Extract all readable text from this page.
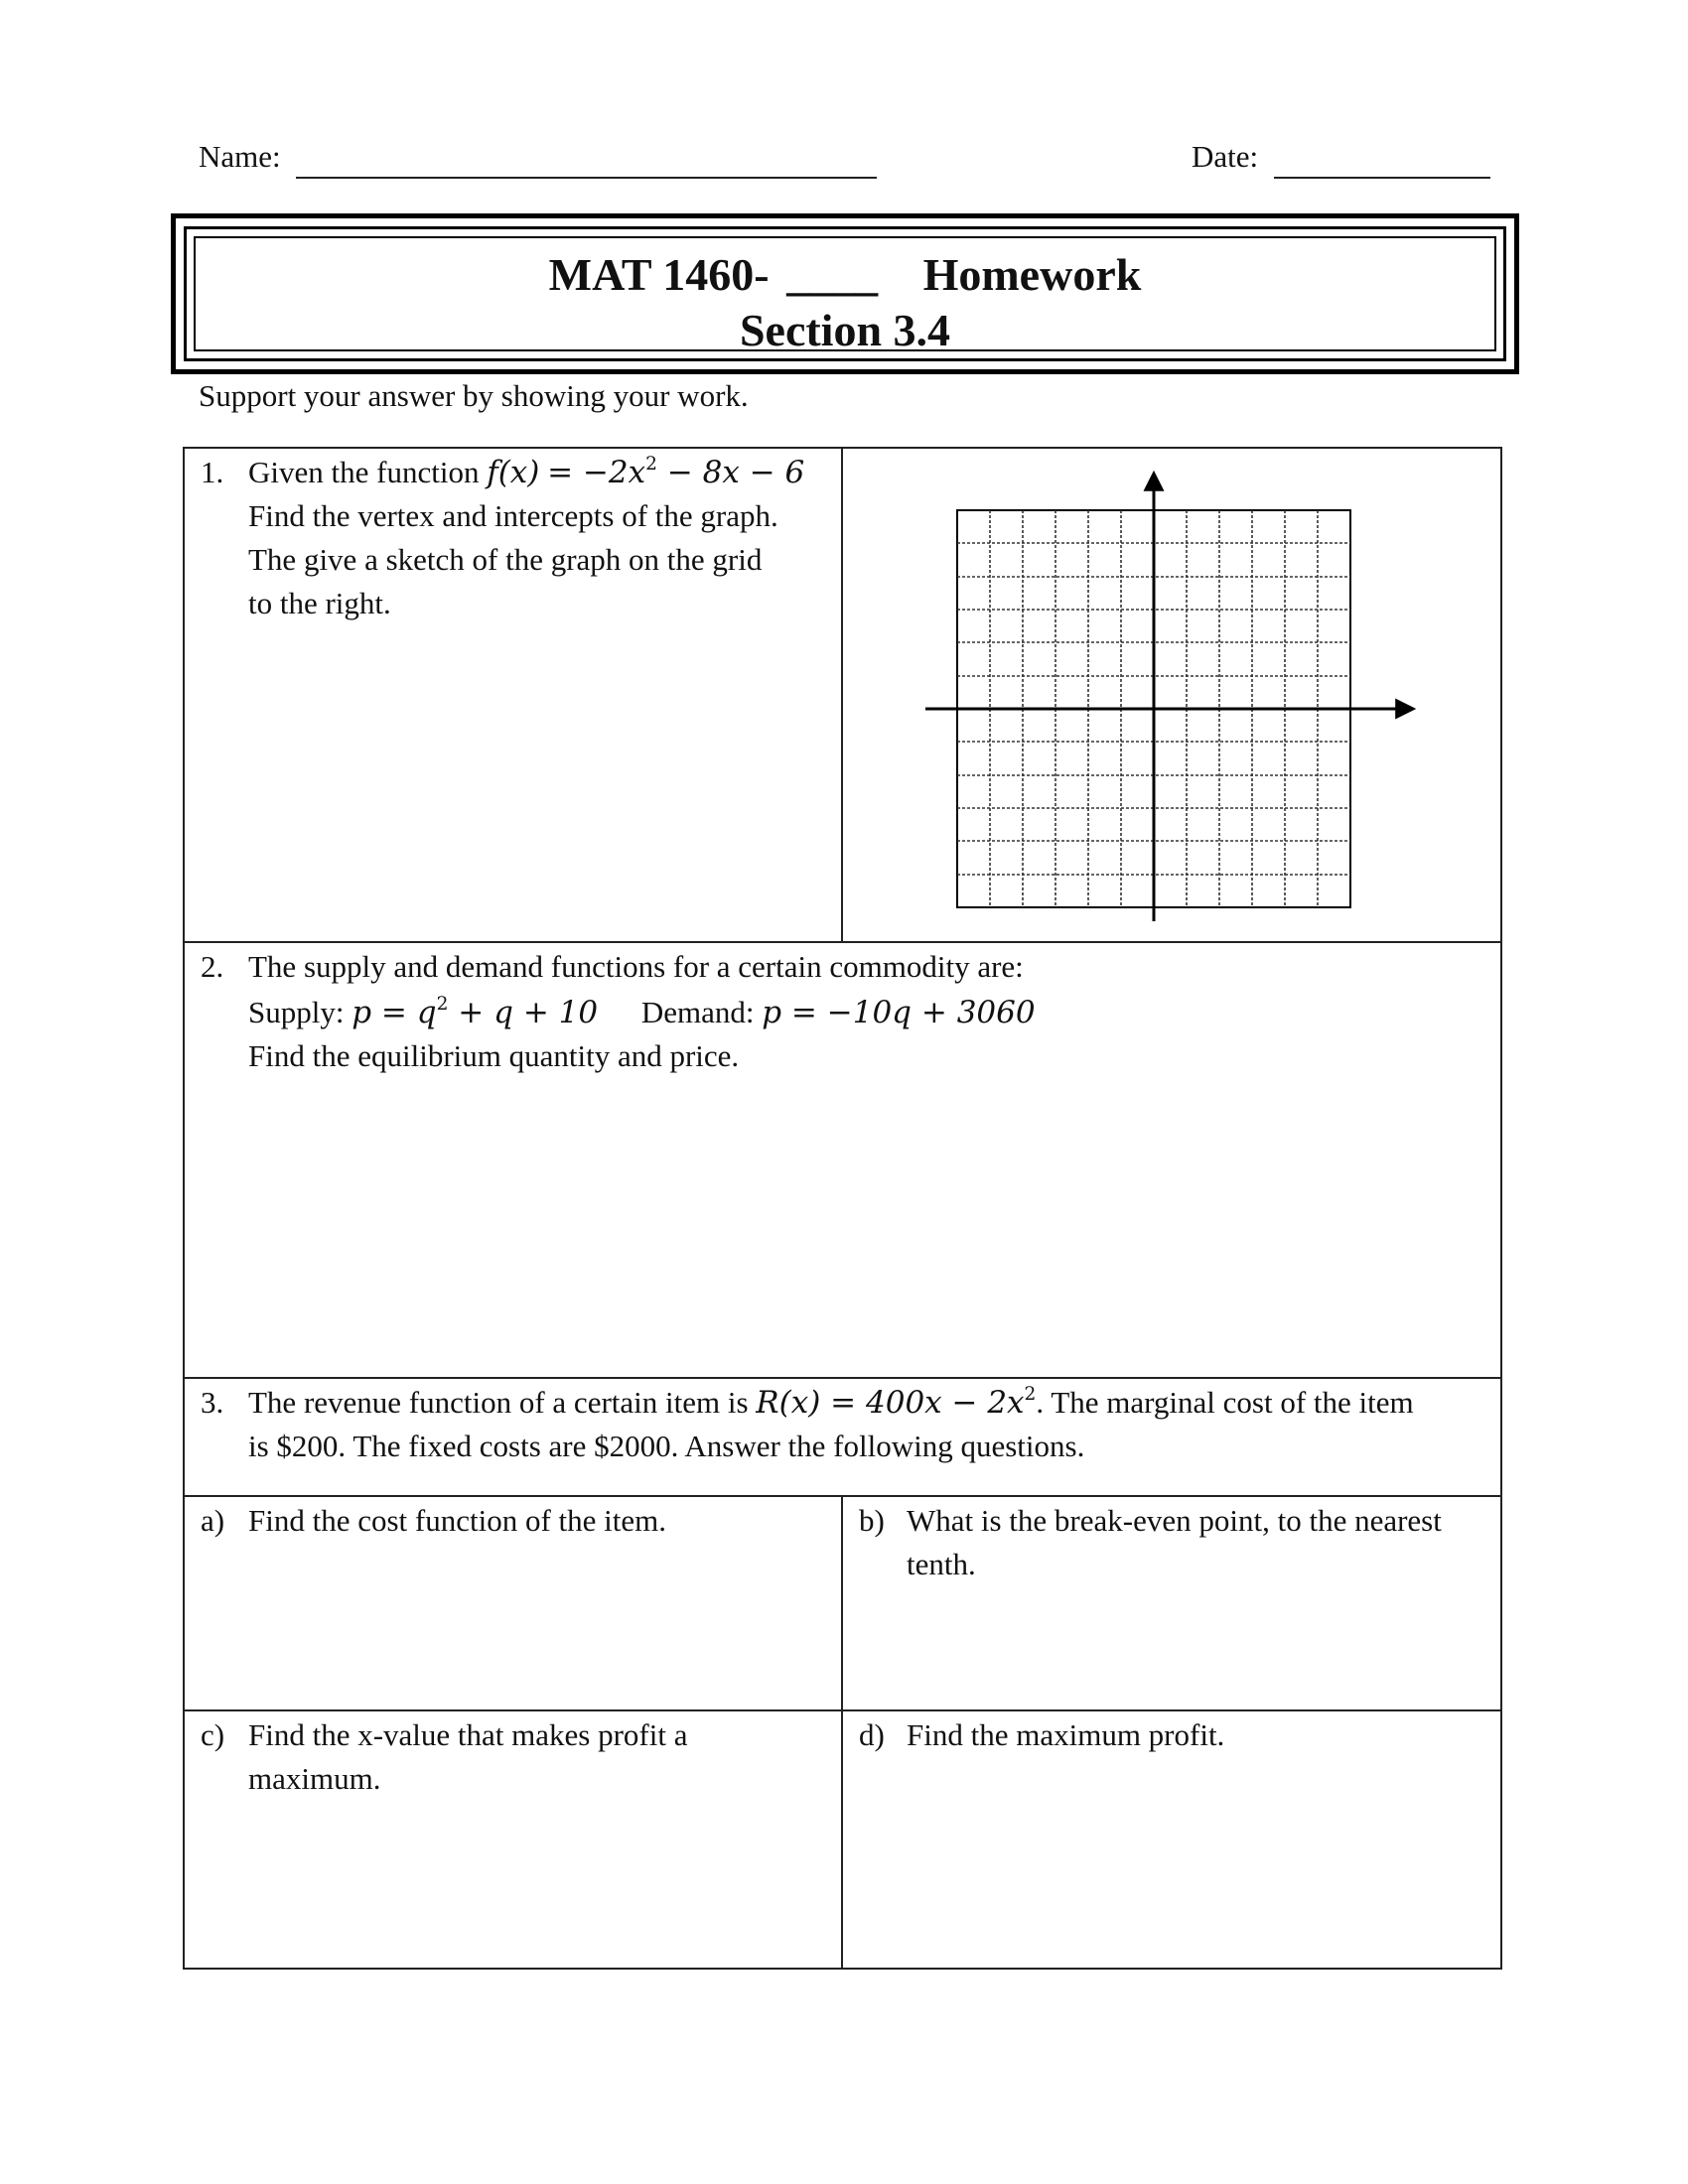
Name:	Date:
MAT 1460- ____ Homework
Section 3.4
Support your answer by showing your work.
1. Given the function $f(x) = -2x^2 - 8x - 6$
Find the vertex and intercepts of the graph.
The give a sketch of the graph on the grid
to the right.
2. The supply and demand functions for a certain commodity are:
Supply: $p = q^2 + q + 10$ Demand: p = −10q + 3060
Find the equilibrium quantity and price.
3. The revenue function of a certain item is $R(x) = 400x - 2x^2$. The marginal cost of the item
is $200. The fixed costs are $2000. Answer the following questions.
a) Find the cost function of the item.	b) What is the break-even point, to the nearest
tenth.
c) Find the x-value that makes profit a
maximum.
d) Find the maximum profit.
